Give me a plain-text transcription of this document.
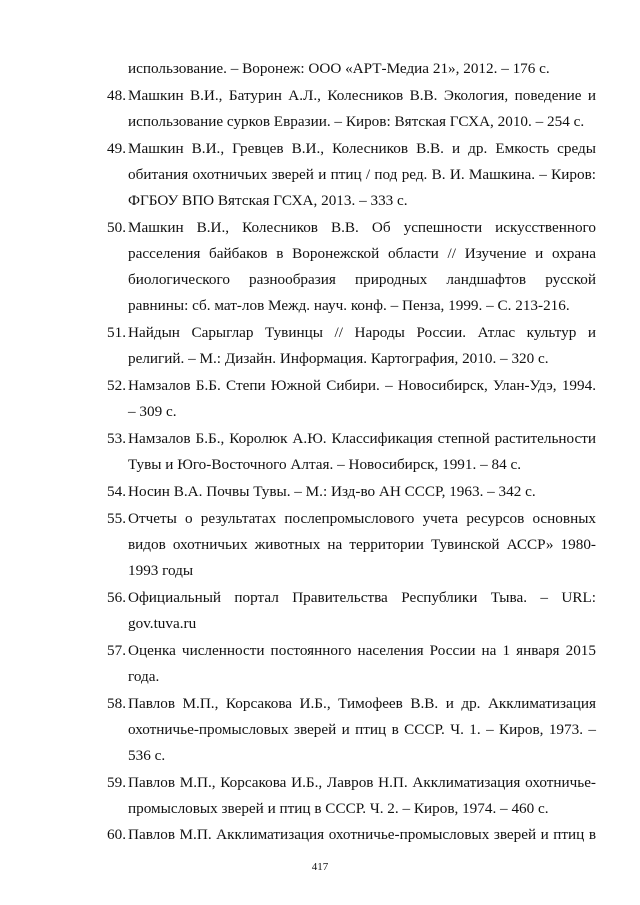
использование. – Воронеж: ООО «АРТ-Медиа 21», 2012. – 176 с.
48. Машкин В.И., Батурин А.Л., Колесников В.В. Экология, поведение и
использование сурков Евразии. – Киров: Вятская ГСХА, 2010. – 254 с.
49. Машкин В.И., Гревцев В.И., Колесников В.В. и др. Емкость среды
обитания охотничьих зверей и птиц / под ред. В. И. Машкина. – Киров:
ФГБОУ ВПО Вятская ГСХА, 2013. – 333 с.
50. Машкин В.И., Колесников В.В. Об успешности искусственного
расселения байбаков в Воронежской области // Изучение и охрана
биологического разнообразия природных ландшафтов русской
равнины: сб. мат-лов Межд. науч. конф. – Пенза, 1999. – С. 213-216.
51. Найдын Сарыглар Тувинцы // Народы России. Атлас культур и
религий. – М.: Дизайн. Информация. Картография, 2010. – 320 с.
52. Намзалов Б.Б. Степи Южной Сибири. – Новосибирск, Улан-Удэ, 1994.
– 309 с.
53. Намзалов Б.Б., Королюк А.Ю. Классификация степной растительности
Тувы и Юго-Восточного Алтая. – Новосибирск, 1991. – 84 с.
54. Носин В.А. Почвы Тувы. – М.: Изд-во АН СССР, 1963. – 342 с.
55. Отчеты о результатах послепромыслового учета ресурсов основных
видов охотничьих животных на территории Тувинской АССР» 1980-
1993 годы
56. Официальный портал Правительства Республики Тыва. – URL:
gov.tuva.ru
57. Оценка численности постоянного населения России на 1 января 2015
года.
58. Павлов М.П., Корсакова И.Б., Тимофеев В.В. и др. Акклиматизация
охотничье-промысловых зверей и птиц в СССР. Ч. 1. – Киров, 1973. –
536 с.
59. Павлов М.П., Корсакова И.Б., Лавров Н.П. Акклиматизация охотничье-
промысловых зверей и птиц в СССР. Ч. 2. – Киров, 1974. – 460 с.
60. Павлов М.П. Акклиматизация охотничье-промысловых зверей и птиц в
417
